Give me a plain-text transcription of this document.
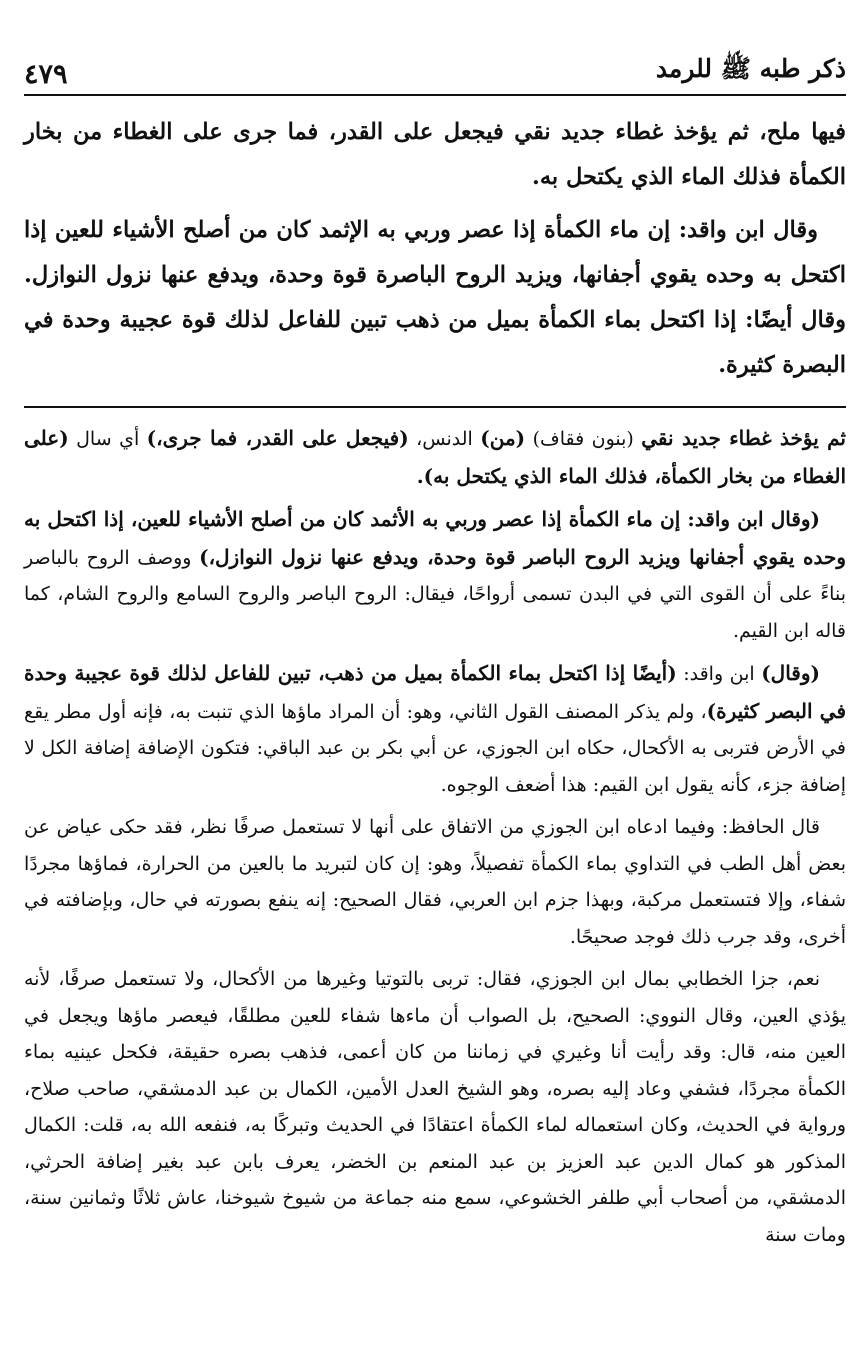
ذكر طبه ﷺ للرمد
٤٧٩

فيها ملح، ثم يؤخذ غطاء جديد نقي فيجعل على القدر، فما جرى على الغطاء من بخار الكمأة فذلك الماء الذي يكتحل به.

وقال ابن واقد: إن ماء الكمأة إذا عصر وربي به الإثمد كان من أصلح الأشياء للعين إذا اكتحل به وحده يقوي أجفانها، ويزيد الروح الباصرة قوة وحدة، ويدفع عنها نزول النوازل. وقال أيضًا: إذا اكتحل بماء الكمأة بميل من ذهب تبين للفاعل لذلك قوة عجيبة وحدة في البصرة كثيرة.

ثم يؤخذ غطاء جديد نقي (بنون فقاف) (من) الدنس، (فيجعل على القدر، فما جرى،) أي سال (على الغطاء من بخار الكمأة، فذلك الماء الذي يكتحل به).

(وقال ابن واقد: إن ماء الكمأة إذا عصر وربي به الأثمد كان من أصلح الأشياء للعين، إذا اكتحل به وحده يقوي أجفانها ويزيد الروح الباصر قوة وحدة، ويدفع عنها نزول النوازل،) ووصف الروح بالباصر بناءً على أن القوى التي في البدن تسمى أرواحًا، فيقال: الروح الباصر والروح السامع والروح الشام، كما قاله ابن القيم.

(وقال) ابن واقد: (أيضًا إذا اكتحل بماء الكمأة بميل من ذهب، تبين للفاعل لذلك قوة عجيبة وحدة في البصر كثيرة)، ولم يذكر المصنف القول الثاني، وهو: أن المراد ماؤها الذي تنبت به، فإنه أول مطر يقع في الأرض فتربى به الأكحال، حكاه ابن الجوزي، عن أبي بكر بن عبد الباقي: فتكون الإضافة إضافة الكل لا إضافة جزء، كأنه يقول ابن القيم: هذا أضعف الوجوه.

قال الحافظ: وفيما ادعاه ابن الجوزي من الاتفاق على أنها لا تستعمل صرفًا نظر، فقد حكى عياض عن بعض أهل الطب في التداوي بماء الكمأة تفصيلاً، وهو: إن كان لتبريد ما بالعين من الحرارة، فماؤها مجردًا شفاء، وإلا فتستعمل مركبة، وبهذا جزم ابن العربي، فقال الصحيح: إنه ينفع بصورته في حال، وبإضافته في أخرى، وقد جرب ذلك فوجد صحيحًا.

نعم، جزا الخطابي بمال ابن الجوزي، فقال: تربى بالتوتيا وغيرها من الأكحال، ولا تستعمل صرفًا، لأنه يؤذي العين، وقال النووي: الصحيح، بل الصواب أن ماءها شفاء للعين مطلقًا، فيعصر ماؤها ويجعل في العين منه، قال: وقد رأيت أنا وغيري في زماننا من كان أعمى، فذهب بصره حقيقة، فكحل عينيه بماء الكمأة مجردًا، فشفي وعاد إليه بصره، وهو الشيخ العدل الأمين، الكمال بن عبد الدمشقي، صاحب صلاح، ورواية في الحديث، وكان استعماله لماء الكمأة اعتقادًا في الحديث وتبركًا به، فنفعه الله به، قلت: الكمال المذكور هو كمال الدين عبد العزيز بن عبد المنعم بن الخضر، يعرف بابن عبد بغير إضافة الحرثي، الدمشقي، من أصحاب أبي طلفر الخشوعي، سمع منه جماعة من شيوخ شيوخنا، عاش ثلاثًا وثمانين سنة، ومات سنة
